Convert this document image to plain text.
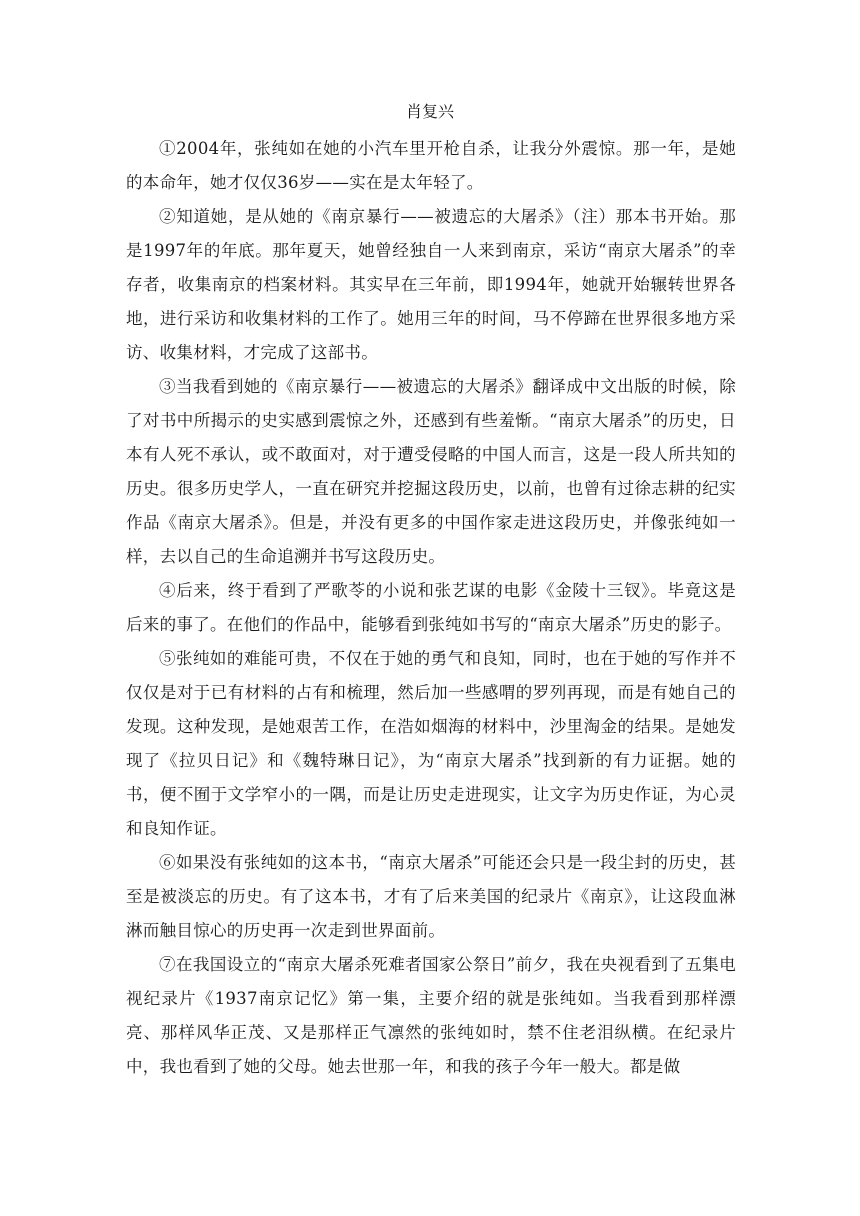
肖复兴

①2004年，张纯如在她的小汽车里开枪自杀，让我分外震惊。那一年，是她的本命年，她才仅仅36岁——实在是太年轻了。

②知道她，是从她的《南京暴行——被遗忘的大屠杀》（注）那本书开始。那是1997年的年底。那年夏天，她曾经独自一人来到南京，采访“南京大屠杀”的幸存者，收集南京的档案材料。其实早在三年前，即1994年，她就开始辗转世界各地，进行采访和收集材料的工作了。她用三年的时间，马不停蹄在世界很多地方采访、收集材料，才完成了这部书。

③当我看到她的《南京暴行——被遗忘的大屠杀》翻译成中文出版的时候，除了对书中所揭示的史实感到震惊之外，还感到有些羞惭。“南京大屠杀”的历史，日本有人死不承认，或不敢面对，对于遭受侵略的中国人而言，这是一段人所共知的历史。很多历史学人，一直在研究并挖掘这段历史，以前，也曾有过徐志耕的纪实作品《南京大屠杀》。但是，并没有更多的中国作家走进这段历史，并像张纯如一样，去以自己的生命追溯并书写这段历史。

④后来，终于看到了严歌苓的小说和张艺谋的电影《金陵十三钗》。毕竟这是后来的事了。在他们的作品中，能够看到张纯如书写的“南京大屠杀”历史的影子。

⑤张纯如的难能可贵，不仅在于她的勇气和良知，同时，也在于她的写作并不仅仅是对于已有材料的占有和梳理，然后加一些感喟的罗列再现，而是有她自己的发现。这种发现，是她艰苦工作，在浩如烟海的材料中，沙里淘金的结果。是她发现了《拉贝日记》和《魏特琳日记》，为“南京大屠杀”找到新的有力证据。她的书，便不囿于文学窄小的一隅，而是让历史走进现实，让文字为历史作证，为心灵和良知作证。

⑥如果没有张纯如的这本书，“南京大屠杀”可能还会只是一段尘封的历史，甚至是被淡忘的历史。有了这本书，才有了后来美国的纪录片《南京》，让这段血淋淋而触目惊心的历史再一次走到世界面前。

⑦在我国设立的“南京大屠杀死难者国家公祭日”前夕，我在央视看到了五集电视纪录片《1937南京记忆》第一集，主要介绍的就是张纯如。当我看到那样漂亮、那样风华正茂、又是那样正气凛然的张纯如时，禁不住老泪纵横。在纪录片中，我也看到了她的父母。她去世那一年，和我的孩子今年一般大。都是做
